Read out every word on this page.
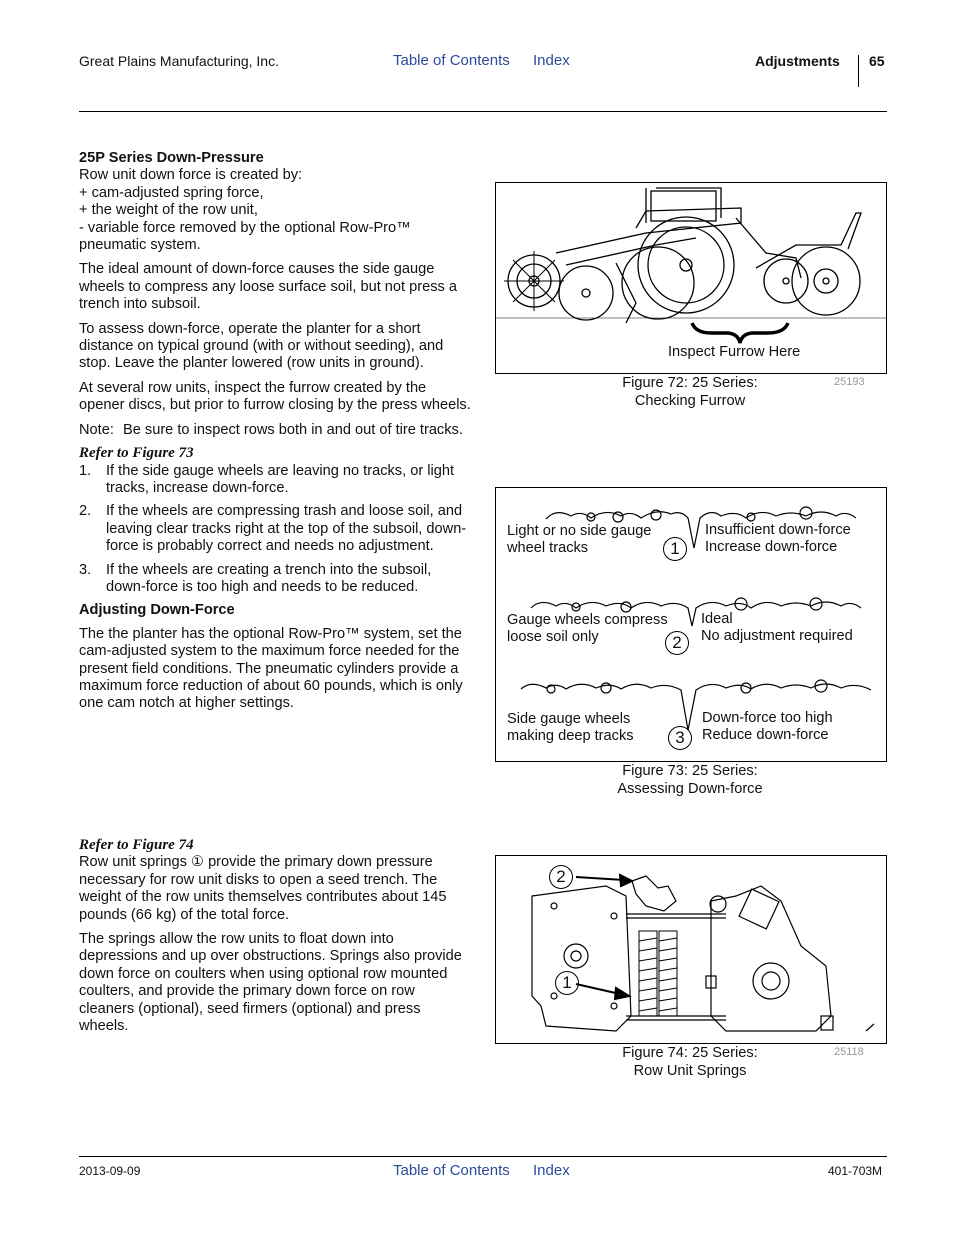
Great Plains Manufacturing, Inc.	Table of Contents Index	Adjustments 65
25P Series Down-Pressure
Row unit down force is created by:
+ cam-adjusted spring force,
+ the weight of the row unit,

- variable force removed by the optional Row-Pro™ pneumatic system.

The ideal amount of down-force causes the side gauge wheels to compress any loose surface soil, but not press a trench into subsoil.

To assess down-force, operate the planter for a short distance on typical ground (with or without seeding), and stop. Leave the planter lowered (row units in ground).

At several row units, inspect the furrow created by the opener discs, but prior to furrow closing by the press wheels.

Note: Be sure to inspect rows both in and out of tire tracks.
Refer to Figure 73
1.	If the side gauge wheels are leaving no tracks, or light tracks, increase down-force.
2.	If the wheels are compressing trash and loose soil, and leaving clear tracks right at the top of the subsoil, down-force is probably correct and needs no adjustment.
3.	If the wheels are creating a trench into the subsoil, down-force is too high and needs to be reduced.
Adjusting Down-Force

The the planter has the optional Row-Pro™ system, set the cam-adjusted system to the maximum force needed for the present field conditions. The pneumatic cylinders provide a maximum force reduction of about 60 pounds, which is only one cam notch at higher settings.

Refer to Figure 74

Row unit springs ① provide the primary down pressure necessary for row unit disks to open a seed trench. The weight of the row units themselves contributes about 145 pounds (66 kg) of the total force.

The springs allow the row units to float down into depressions and up over obstructions. Springs also provide down force on coulters when using optional row mounted coulters, and provide the primary down force on row cleaners (optional), seed firmers (optional) and press wheels.

Inspect Furrow Here
Figure 72: 25 Series:
Checking Furrow
25193
Light or no side gauge
wheel tracks
Insufficient down-force
Increase down-force
1
Gauge wheels compress
loose soil only
Ideal
No adjustment required
2
Side gauge wheels
making deep tracks
Down-force too high
Reduce down-force
3
Figure 73: 25 Series:
Assessing Down-force
2
1
Figure 74: 25 Series:
Row Unit Springs
25118
2013-09-09	Table of Contents Index	401-703M
